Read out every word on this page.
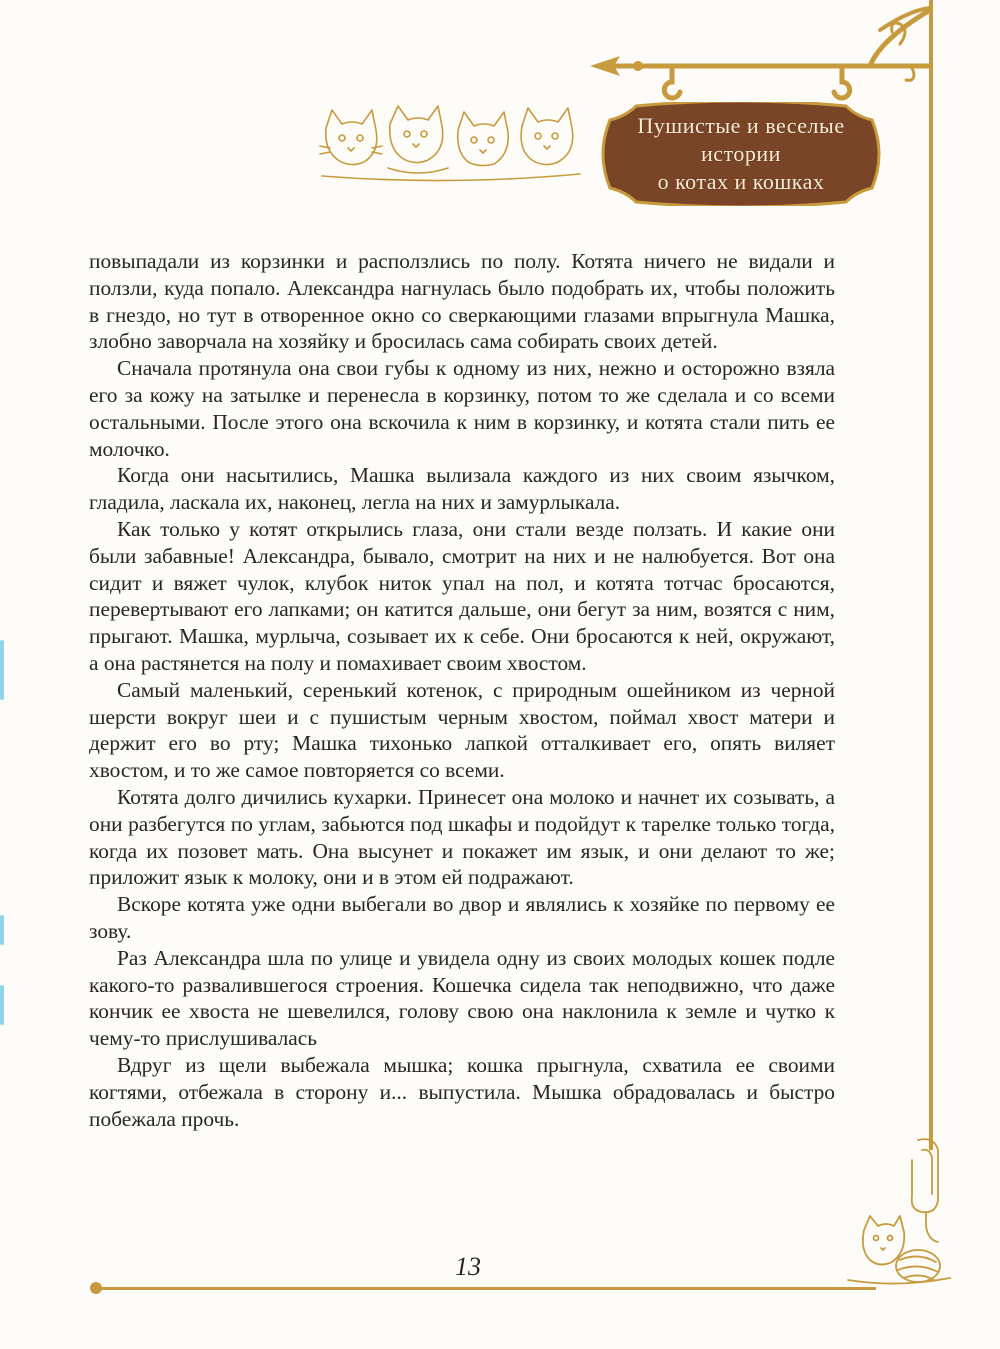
Пушистые и веселые истории
о котах и кошках

повыпадали из корзинки и расползлись по полу. Котята ничего не видали и ползли, куда попало. Александра нагнулась было подобрать их, чтобы положить в гнездо, но тут в отворенное окно со сверкающими глазами впрыгнула Машка, злобно заворчала на хозяйку и бросилась сама собирать своих детей.

Сначала протянула она свои губы к одному из них, нежно и осторожно взяла его за кожу на затылке и перенесла в корзинку, потом то же сделала и со всеми остальными. После этого она вскочила к ним в корзинку, и котята стали пить ее молочко.

Когда они насытились, Машка вылизала каждого из них своим язычком, гладила, ласкала их, наконец, легла на них и замурлыкала.

Как только у котят открылись глаза, они стали везде ползать. И какие они были забавные! Александра, бывало, смотрит на них и не налюбуется. Вот она сидит и вяжет чулок, клубок ниток упал на пол, и котята тотчас бросаются, перевертывают его лапками; он катится дальше, они бегут за ним, возятся с ним, прыгают. Машка, мурлыча, созывает их к себе. Они бросаются к ней, окружают, а она растянется на полу и помахивает своим хвостом.

Самый маленький, серенький котенок, с природным ошейником из черной шерсти вокруг шеи и с пушистым черным хвостом, поймал хвост матери и держит его во рту; Машка тихонько лапкой отталкивает его, опять виляет хвостом, и то же самое повторяется со всеми.

Котята долго дичились кухарки. Принесет она молоко и начнет их созывать, а они разбегутся по углам, забьются под шкафы и подойдут к тарелке только тогда, когда их позовет мать. Она высунет и покажет им язык, и они делают то же; приложит язык к молоку, они и в этом ей подражают.

Вскоре котята уже одни выбегали во двор и являлись к хозяйке по первому ее зову.

Раз Александра шла по улице и увидела одну из своих молодых кошек подле какого-то развалившегося строения. Кошечка сидела так неподвижно, что даже кончик ее хвоста не шевелился, голову свою она наклонила к земле и чутко к чему-то прислушивалась

Вдруг из щели выбежала мышка; кошка прыгнула, схватила ее своими когтями, отбежала в сторону и... выпустила. Мышка обрадовалась и быстро побежала прочь.

13
